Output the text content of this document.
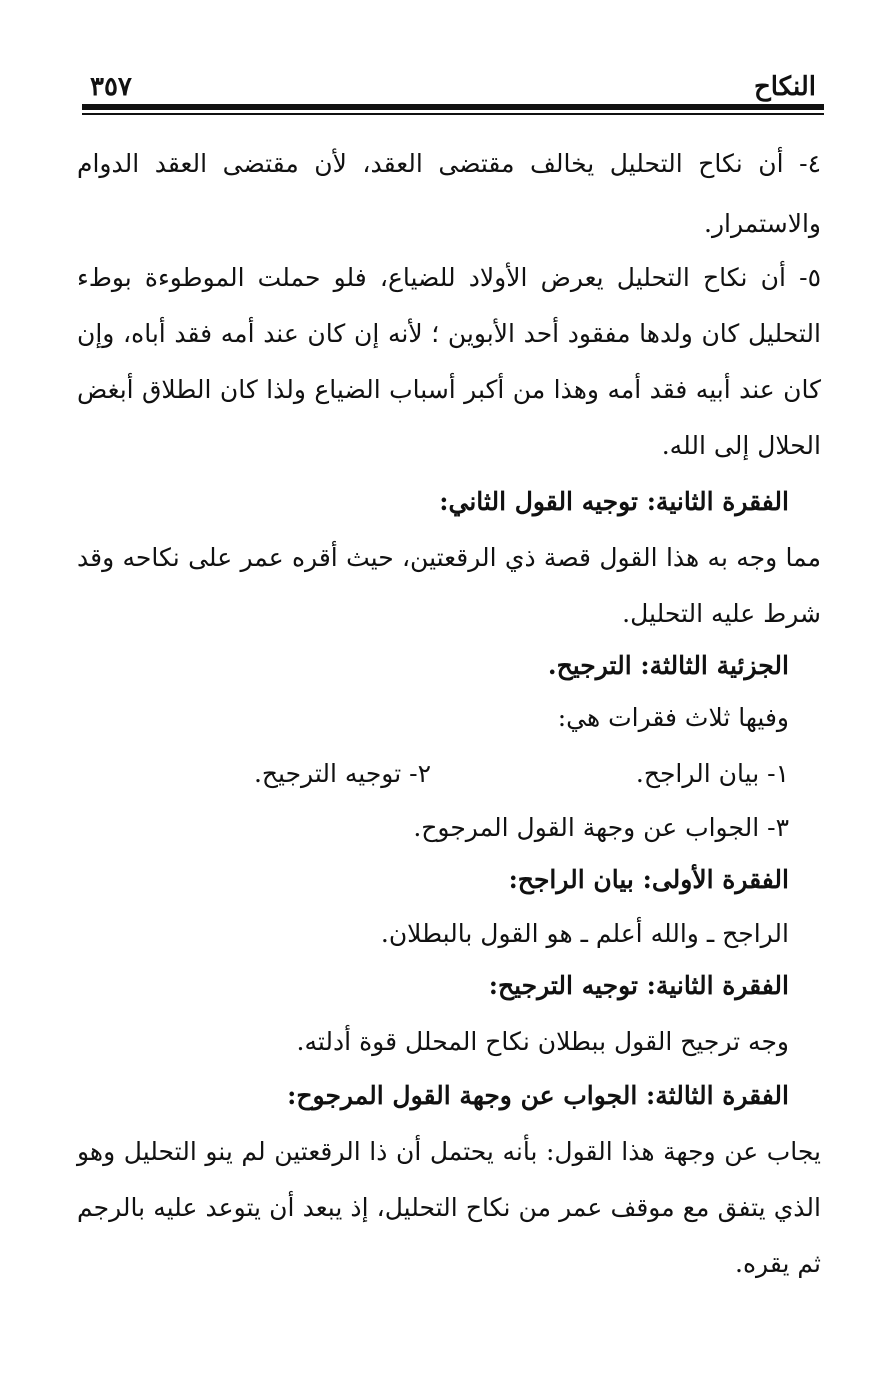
النكاح
٣٥٧
٤- أن نكاح التحليل يخالف مقتضى العقد، لأن مقتضى العقد الدوام
والاستمرار.
٥- أن نكاح التحليل يعرض الأولاد للضياع، فلو حملت الموطوءة بوطء
التحليل كان ولدها مفقود أحد الأبوين ؛ لأنه إن كان عند أمه فقد أباه، وإن
كان عند أبيه فقد أمه وهذا من أكبر أسباب الضياع ولذا كان الطلاق أبغض
الحلال إلى الله.
الفقرة الثانية: توجيه القول الثاني:
مما وجه به هذا القول قصة ذي الرقعتين، حيث أقره عمر على نكاحه وقد
شرط عليه التحليل.
الجزئية الثالثة: الترجيح.
وفيها ثلاث فقرات هي:
١- بيان الراجح.
٢- توجيه الترجيح.
٣- الجواب عن وجهة القول المرجوح.
الفقرة الأولى: بيان الراجح:
الراجح ـ والله أعلم ـ هو القول بالبطلان.
الفقرة الثانية: توجيه الترجيح:
وجه ترجيح القول ببطلان نكاح المحلل قوة أدلته.
الفقرة الثالثة: الجواب عن وجهة القول المرجوح:
يجاب عن وجهة هذا القول: بأنه يحتمل أن ذا الرقعتين لم ينو التحليل وهو
الذي يتفق مع موقف عمر من نكاح التحليل، إذ يبعد أن يتوعد عليه بالرجم
ثم يقره.
